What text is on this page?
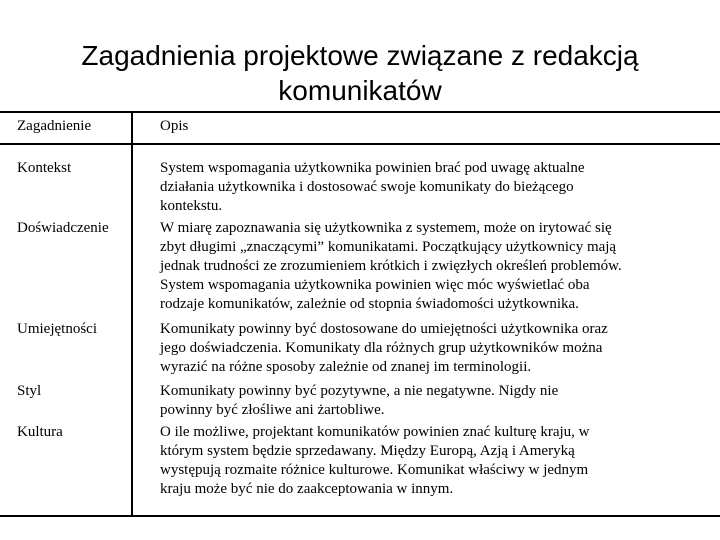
Zagadnienia projektowe związane z redakcją
komunikatów
Zagadnienie	Opis
Kontekst	System wspomagania użytkownika powinien brać pod uwagę aktualne
działania użytkownika i dostosować swoje komunikaty do bieżącego
kontekstu.
Doświadczenie	W miarę zapoznawania się użytkownika z systemem, może on irytować się
zbyt długimi „znaczącymi” komunikatami. Początkujący użytkownicy mają
jednak trudności ze zrozumieniem krótkich i zwięzłych określeń problemów.
System wspomagania użytkownika powinien więc móc wyświetlać oba
rodzaje komunikatów, zależnie od stopnia świadomości użytkownika.
Umiejętności	Komunikaty powinny być dostosowane do umiejętności użytkownika oraz
jego doświadczenia. Komunikaty dla różnych grup użytkowników można
wyrazić na różne sposoby zależnie od znanej im terminologii.
Styl	Komunikaty powinny być pozytywne, a nie negatywne. Nigdy nie
powinny być złośliwe ani żartobliwe.
Kultura	O ile możliwe, projektant komunikatów powinien znać kulturę kraju, w
którym system będzie sprzedawany. Między Europą, Azją i Ameryką
występują rozmaite różnice kulturowe. Komunikat właściwy w jednym
kraju może być nie do zaakceptowania w innym.
